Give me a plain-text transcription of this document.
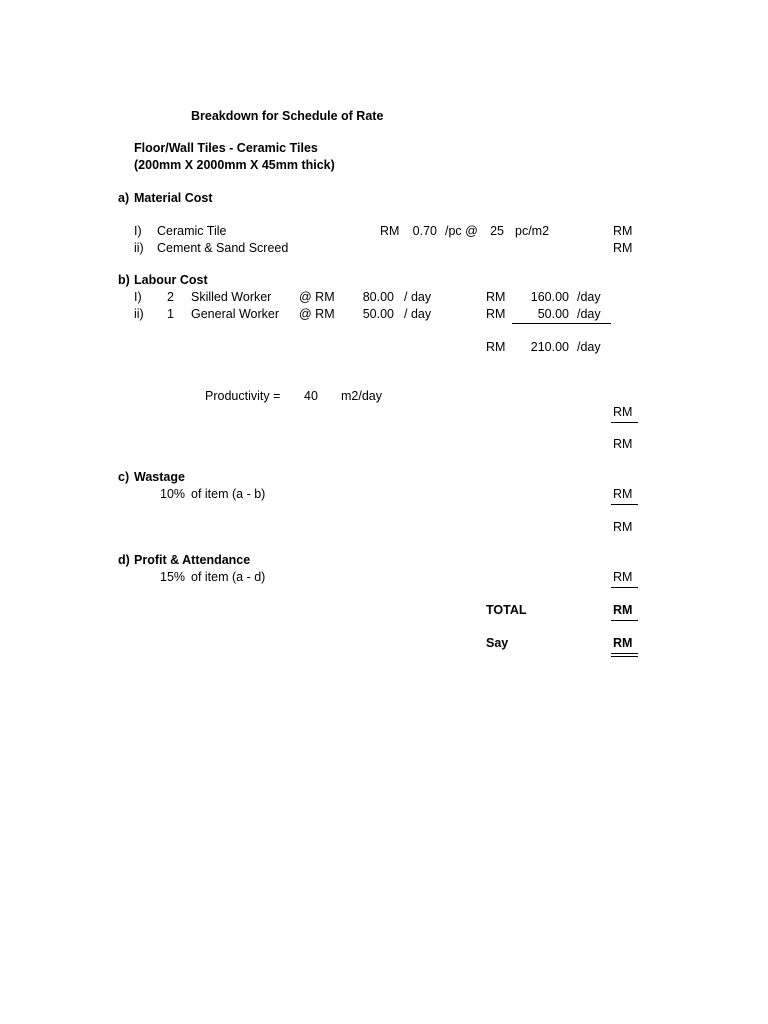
Breakdown for Schedule of Rate
Floor/Wall Tiles - Ceramic Tiles
(200mm X 2000mm X 45mm thick)
a) Material Cost
I) Ceramic Tile	RM	0.70 /pc @ 25 pc/m2	RM
ii) Cement & Sand Screed	RM
b) Labour Cost
I) 2 Skilled Worker @ RM	80.00 / day	RM	160.00 /day
ii) 1 General Worker @ RM	50.00 / day	RM	50.00 /day
RM	210.00 /day
Productivity = 40 m2/day
RM
RM
c) Wastage
10% of item (a - b)	RM
RM
d) Profit & Attendance
15% of item (a - d)	RM
TOTAL	RM
Say	RM
